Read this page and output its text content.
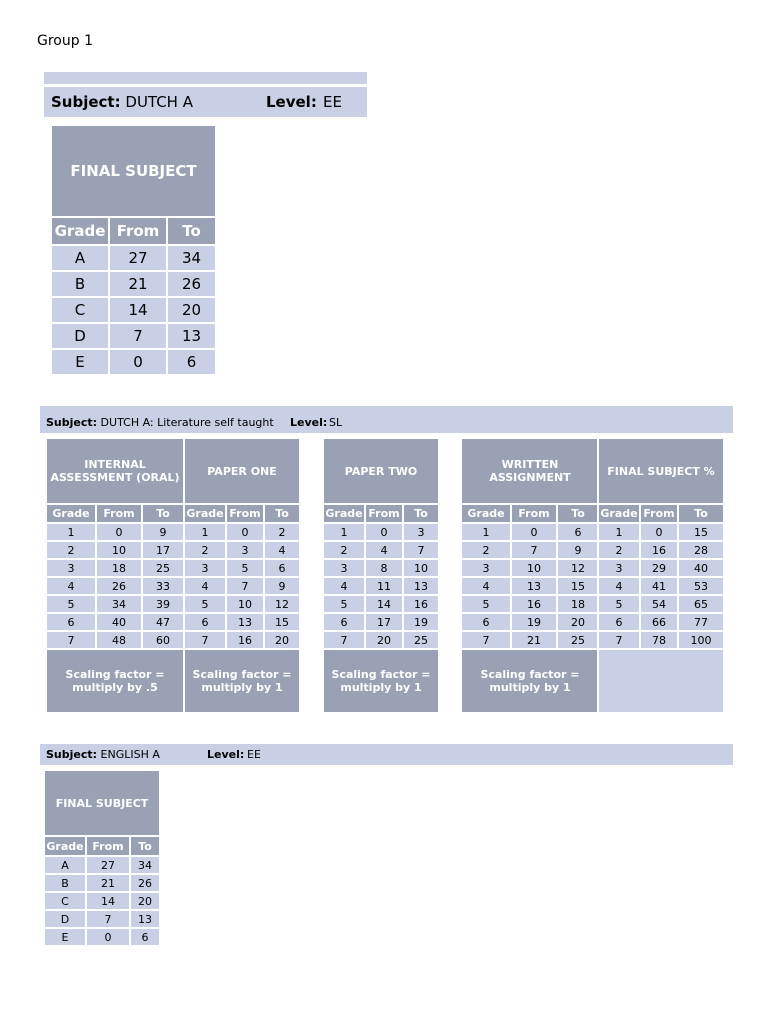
Group 1
Subject:
DUTCH A	Level: EE
FINAL SUBJECT		
Grade	From	To
A	27	34
B	21	26
C	14	20
D	7	13
E	0	6
Subject:
DUTCH A: Literature self taught Level: SL
INTERNAL ASSESSMENT (ORAL)		
Grade	From	To
1	0	9
2	10	17
3	18	25
4	26	33
5	34	39
6	40	47
7	48	60
Scaling factor = multiply by .5		
PAPER ONE		
Grade	From	To
1	0	2
2	3	4
3	5	6
4	7	9
5	10	12
6	13	15
7	16	20
Scaling factor = multiply by 1		
PAPER TWO		
Grade	From	To
1	0	3
2	4	7
3	8	10
4	11	13
5	14	16
6	17	19
7	20	25
Scaling factor = multiply by 1		
WRITTEN ASSIGNMENT		
Grade	From	To
1	0	6
2	7	9
3	10	12
4	13	15
5	16	18
6	19	20
7	21	25
Scaling factor = multiply by 1		
FINAL SUBJECT %		
Grade	From	To
1	0	15
2	16	28
3	29	40
4	41	53
5	54	65
6	66	77
7	78	100

Subject:
ENGLISH A	Level: EE
FINAL SUBJECT		
Grade	From	To
A	27	34
B	21	26
C	14	20
D	7	13
E	0	6
